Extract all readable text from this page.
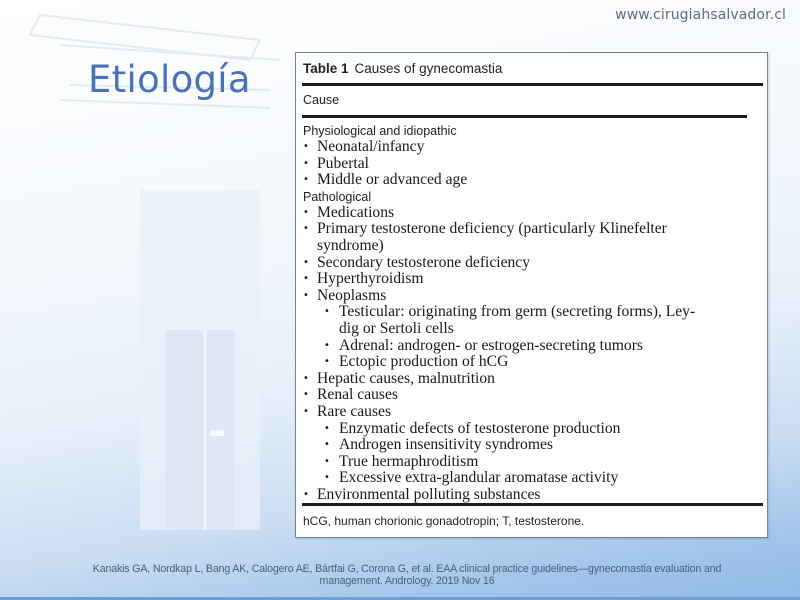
www.cirugiahsalvador.cl
Etiología	Table 1 Causes of gynecomastia
Cause
Physiological and idiopathic
• Neonatal/infancy
• Pubertal
• Middle or advanced age
Pathological
• Medications
• Primary testosterone deficiency (particularly Klinefelter
syndrome)
• Secondary testosterone deficiency
• Hyperthyroidism
• Neoplasms
• Testicular: originating from germ (secreting forms), Ley-
dig or Sertoli cells
• Adrenal: androgen- or estrogen-secreting tumors
• Ectopic production of hCG
• Hepatic causes, malnutrition
• Renal causes
• Rare causes
• Enzymatic defects of testosterone production
• Androgen insensitivity syndromes
• True hermaphroditism
• Excessive extra-glandular aromatase activity
• Environmental polluting substances
hCG, human chorionic gonadotropin; T, testosterone.
Kanakis GA, Nordkap L, Bang AK, Calogero AE, Bártfai G, Corona G, et al. EAA clinical practice guidelines—gynecomastia evaluation and
management. Andrology. 2019 Nov 16
